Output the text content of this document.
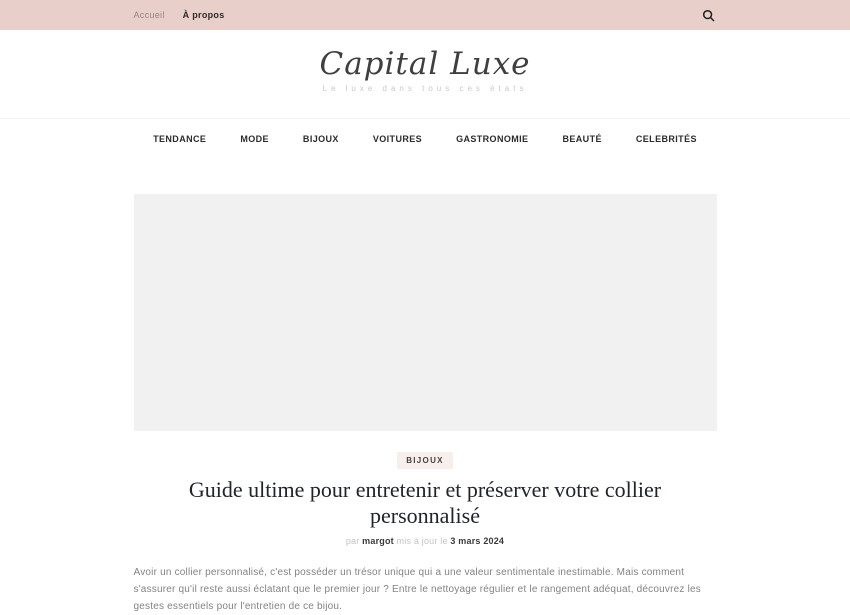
Accueil À propos
Capital Luxe
Le luxe dans tous ces états
TENDANCE	MODE	BIJOUX	VOITURES	GASTRONOMIE	BEAUTÉ	CELEBRITÉS
BIJOUX
Guide ultime pour entretenir et préserver votre collier personnalisé
par margot mis à jour le 3 mars 2024

Avoir un collier personnalisé, c'est posséder un trésor unique qui a une valeur sentimentale inestimable. Mais comment s'assurer qu'il reste aussi éclatant que le premier jour ? Entre le nettoyage régulier et le rangement adéquat, découvrez les gestes essentiels pour l'entretien de ce bijou.
